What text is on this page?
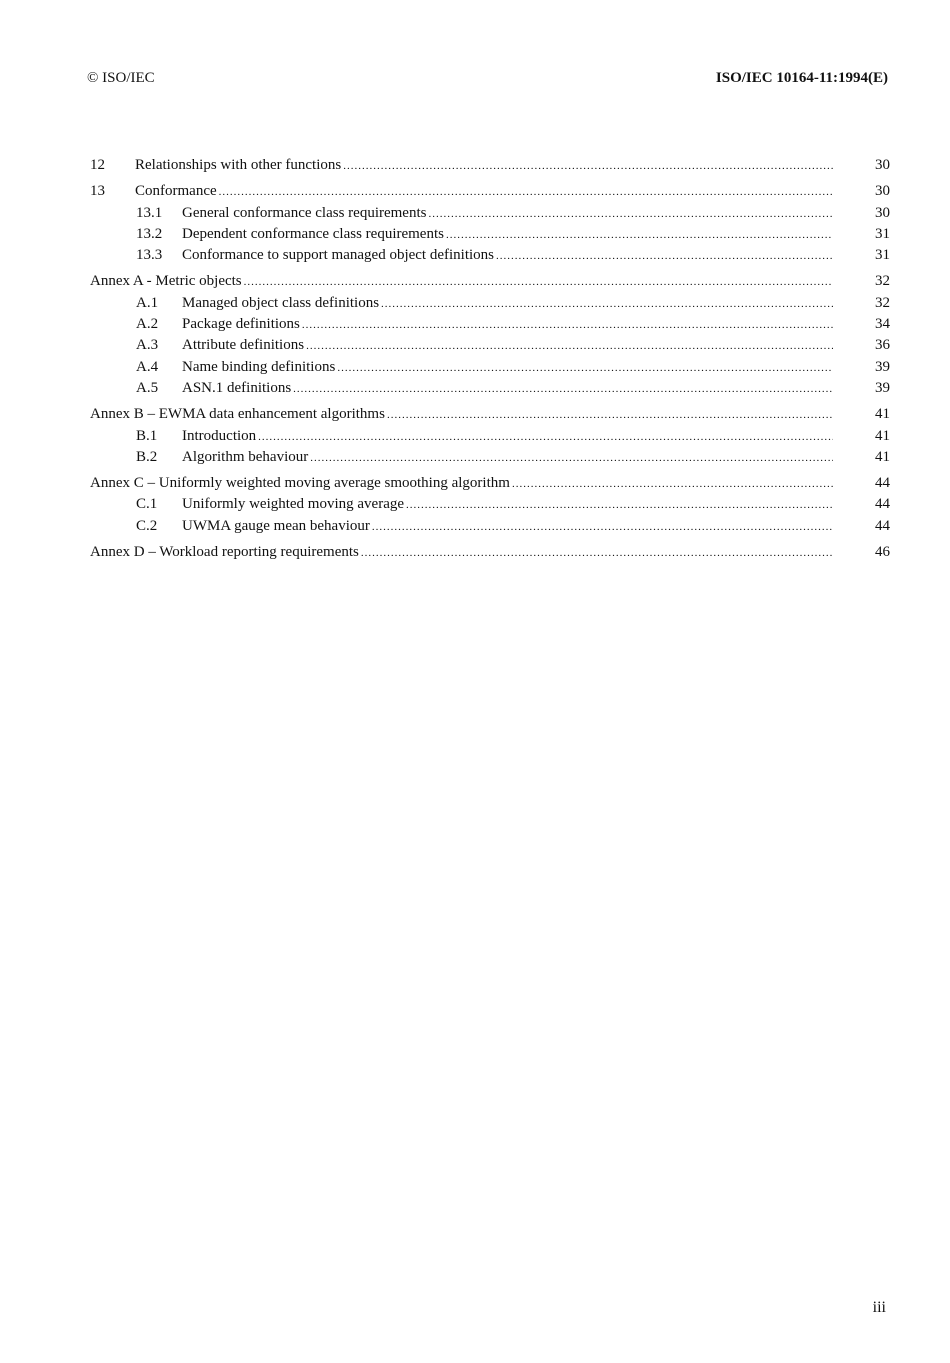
© ISO/IEC	ISO/IEC 10164-11:1994(E)
12 Relationships with other functions .....	30
13 Conformance .....	30
13.1 General conformance class requirements .....	30
13.2 Dependent conformance class requirements .....	31
13.3 Conformance to support managed object definitions .....	31
Annex A - Metric objects .....	32
A.1 Managed object class definitions .....	32
A.2 Package definitions .....	34
A.3 Attribute definitions .....	36
A.4 Name binding definitions .....	39
A.5 ASN.1 definitions .....	39
Annex B – EWMA data enhancement algorithms .....	41
B.1 Introduction .....	41
B.2 Algorithm behaviour .....	41
Annex C – Uniformly weighted moving average smoothing algorithm .....	44
C.1 Uniformly weighted moving average .....	44
C.2 UWMA gauge mean behaviour .....	44
Annex D – Workload reporting requirements .....	46
iii
